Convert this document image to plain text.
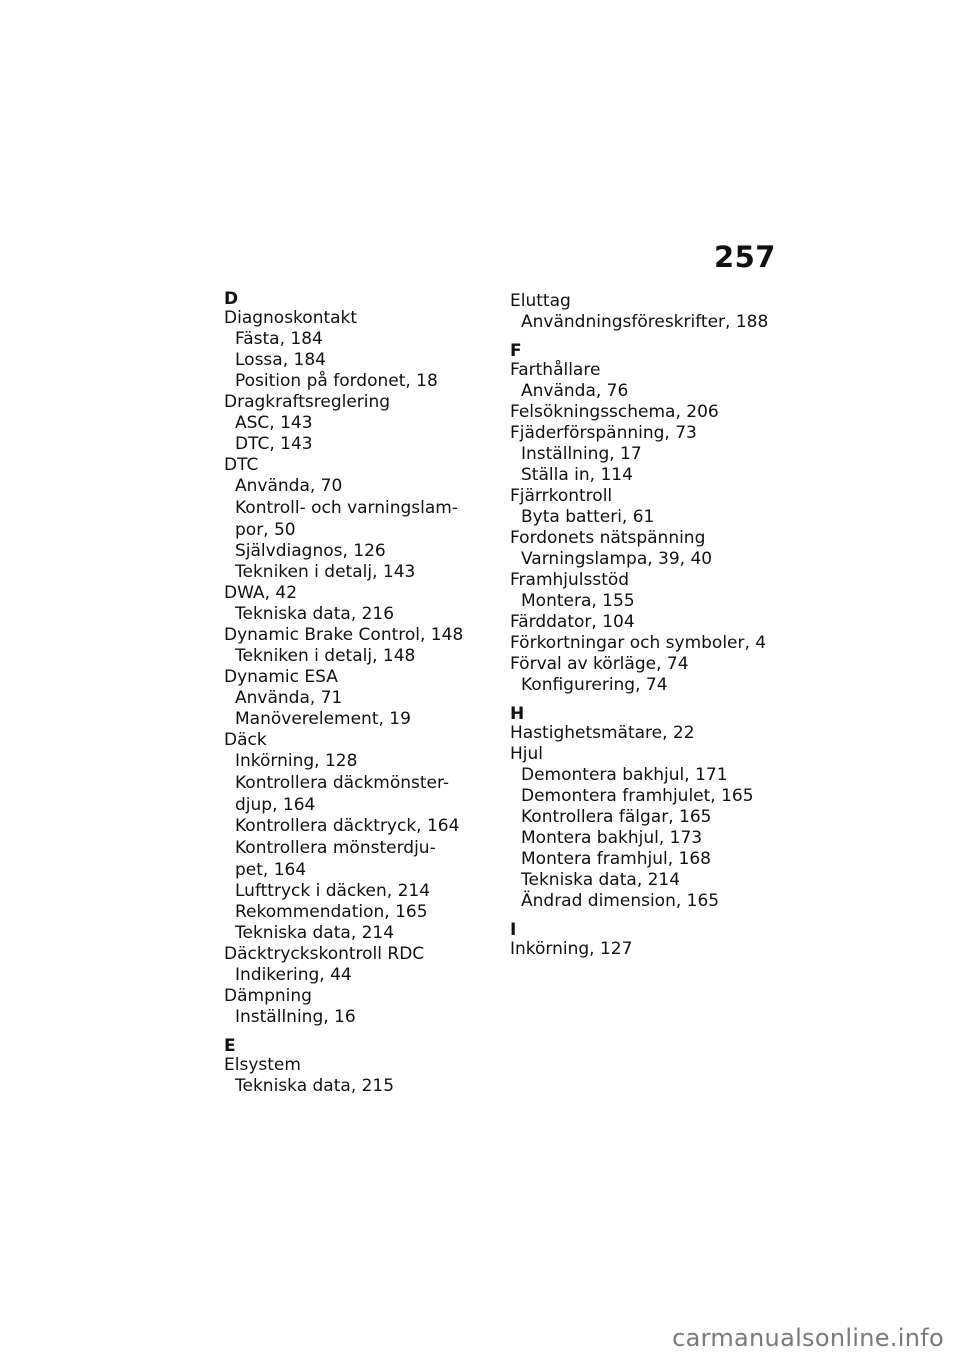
257
D
Diagnoskontakt
Fästa, 184
Lossa, 184
Position på fordonet, 18
Dragkraftsreglering
ASC, 143
DTC, 143
DTC
Använda, 70
Kontroll- och varningslam-
por, 50
Självdiagnos, 126
Tekniken i detalj, 143
DWA, 42
Tekniska data, 216
Dynamic Brake Control, 148
Tekniken i detalj, 148
Dynamic ESA
Använda, 71
Manöverelement, 19
Däck
Inkörning, 128
Kontrollera däckmönster-
djup, 164
Kontrollera däcktryck, 164
Kontrollera mönsterdju-
pet, 164
Lufttryck i däcken, 214
Rekommendation, 165
Tekniska data, 214
Däcktryckskontroll RDC
Indikering, 44
Dämpning
Inställning, 16
E
Elsystem
Tekniska data, 215
Eluttag
Användningsföreskrifter, 188
F
Farthållare
Använda, 76
Felsökningsschema, 206
Fjäderförspänning, 73
Inställning, 17
Ställa in, 114
Fjärrkontroll
Byta batteri, 61
Fordonets nätspänning
Varningslampa, 39, 40
Framhjulsstöd
Montera, 155
Färddator, 104
Förkortningar och symboler, 4
Förval av körläge, 74
Konfigurering, 74
H
Hastighetsmätare, 22
Hjul
Demontera bakhjul, 171
Demontera framhjulet, 165
Kontrollera fälgar, 165
Montera bakhjul, 173
Montera framhjul, 168
Tekniska data, 214
Ändrad dimension, 165
I
Inkörning, 127
carmanualsonline.info
